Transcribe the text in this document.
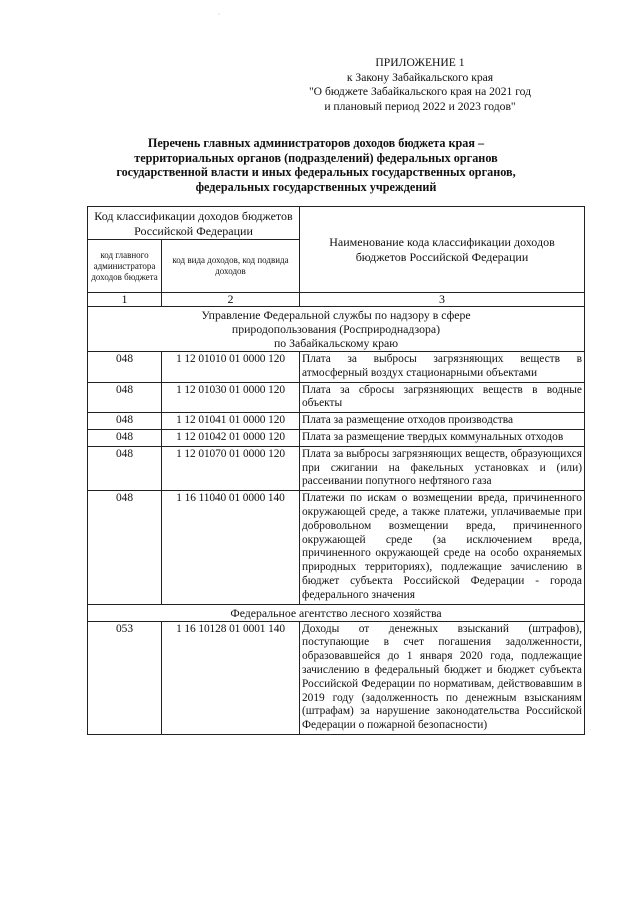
·
ПРИЛОЖЕНИЕ 1
к Закону Забайкальского края
"О бюджете Забайкальского края на 2021 год
и плановый период 2022 и 2023 годов"
Перечень главных администраторов доходов бюджета края –
территориальных органов (подразделений) федеральных органов
государственной власти и иных федеральных государственных органов,
федеральных государственных учреждений
Код классификации доходов бюджетов Российской Федерации		Наименование кода классификации доходов бюджетов Российской Федерации
код главного администратора доходов бюджета	код вида доходов, код подвида доходов	
1	2	3

Управление Федеральной службы по надзору в сфере
природопользования (Росприроднадзора)
по Забайкальскому краю		

048	1 12 01010 01 0000 120	Плата за выбросы загрязняющих веществ в атмосферный воздух стационарными объектами
048	1 12 01030 01 0000 120	Плата за сбросы загрязняющих веществ в водные объекты
048	1 12 01041 01 0000 120	Плата за размещение отходов производства
048	1 12 01042 01 0000 120	Плата за размещение твердых коммунальных отходов
048	1 12 01070 01 0000 120	Плата за выбросы загрязняющих веществ, образующихся при сжигании на факельных установках и (или) рассеивании попутного нефтяного газа
048	1 16 11040 01 0000 140	Платежи по искам о возмещении вреда, причиненного окружающей среде, а также платежи, уплачиваемые при добровольном возмещении вреда, причиненного окружающей среде (за исключением вреда, причиненного окружающей среде на особо охраняемых природных территориях), подлежащие зачислению в бюджет субъекта Российской Федерации - города федерального значения

Федеральное агентство лесного хозяйства		

053	1 16 10128 01 0001 140	Доходы от денежных взысканий (штрафов), поступающие в счет погашения задолженности, образовавшейся до 1 января 2020 года, подлежащие зачислению в федеральный бюджет и бюджет субъекта Российской Федерации по нормативам, действовавшим в 2019 году (задолженность по денежным взысканиям (штрафам) за нарушение законодательства Российской Федерации о пожарной безопасности)
